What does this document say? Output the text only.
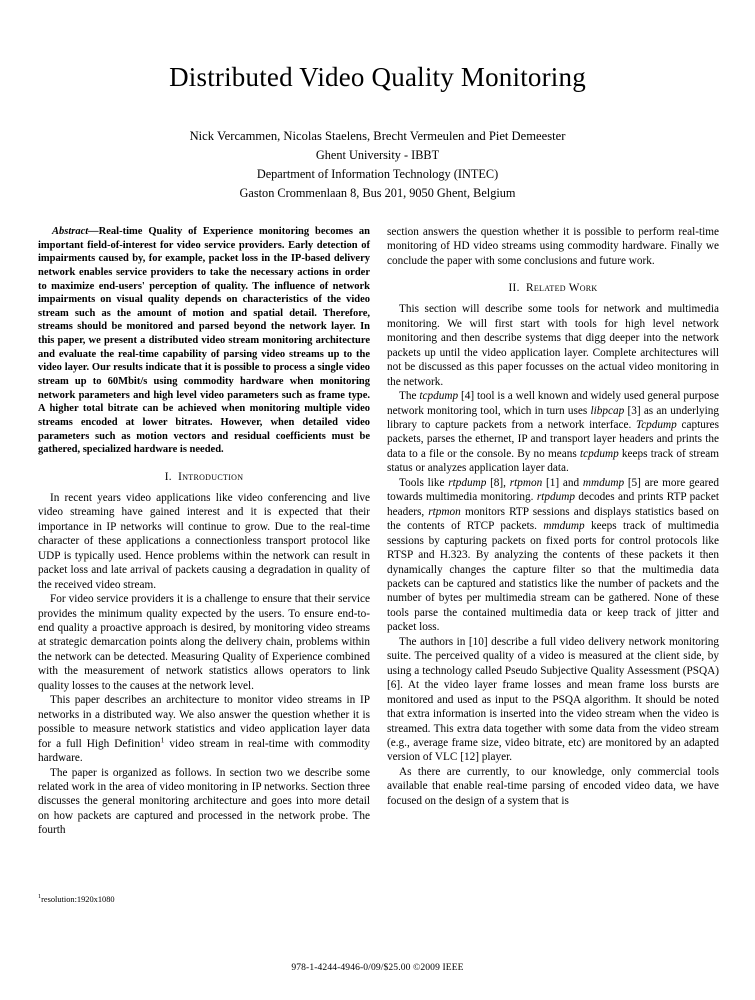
Distributed Video Quality Monitoring
Nick Vercammen, Nicolas Staelens, Brecht Vermeulen and Piet Demeester
Ghent University - IBBT
Department of Information Technology (INTEC)
Gaston Crommenlaan 8, Bus 201, 9050 Ghent, Belgium

Abstract—Real-time Quality of Experience monitoring becomes an important field-of-interest for video service providers. Early detection of impairments caused by, for example, packet loss in the IP-based delivery network enables service providers to take the necessary actions in order to maximize end-users' perception of quality. The influence of network impairments on visual quality depends on characteristics of the video stream such as the amount of motion and spatial detail. Therefore, streams should be monitored and parsed beyond the network layer. In this paper, we present a distributed video stream monitoring architecture and evaluate the real-time capability of parsing video streams up to the video layer. Our results indicate that it is possible to process a single video stream up to 60Mbit/s using commodity hardware when monitoring network parameters and high level video parameters such as frame type. A higher total bitrate can be achieved when monitoring multiple video streams encoded at lower bitrates. However, when detailed video parameters such as motion vectors and residual coefficients must be gathered, specialized hardware is needed.

I. Introduction

In recent years video applications like video conferencing and live video streaming have gained interest and it is expected that their importance in IP networks will continue to grow. Due to the real-time character of these applications a connectionless transport protocol like UDP is typically used. Hence problems within the network can result in packet loss and late arrival of packets causing a degradation in quality of the received video stream.

For video service providers it is a challenge to ensure that their service provides the minimum quality expected by the users. To ensure end-to-end quality a proactive approach is desired, by monitoring video streams at strategic demarcation points along the delivery chain, problems within the network can be detected. Measuring Quality of Experience combined with the measurement of network statistics allows operators to link quality losses to the causes at the network level.

This paper describes an architecture to monitor video streams in IP networks in a distributed way. We also answer the question whether it is possible to measure network statistics and video application layer data for a full High Definition$^1$ video stream in real-time with commodity hardware.

The paper is organized as follows. In section two we describe some related work in the area of video monitoring in IP networks. Section three discusses the general monitoring architecture and goes into more detail on how packets are captured and processed in the network probe. The fourth

section answers the question whether it is possible to perform real-time monitoring of HD video streams using commodity hardware. Finally we conclude the paper with some conclusions and future work.

II. Related Work

This section will describe some tools for network and multimedia monitoring. We will first start with tools for high level network monitoring and then describe systems that digg deeper into the network packets up until the video application layer. Complete architectures will not be discussed as this paper focusses on the actual video monitoring in the network.

The tcpdump [4] tool is a well known and widely used general purpose network monitoring tool, which in turn uses libpcap [3] as an underlying library to capture packets from a network interface. Tcpdump captures packets, parses the ethernet, IP and transport layer headers and prints the data to a file or the console. By no means tcpdump keeps track of stream status or analyzes application layer data.

Tools like rtpdump [8], rtpmon [1] and mmdump [5] are more geared towards multimedia monitoring. rtpdump decodes and prints RTP packet headers, rtpmon monitors RTP sessions and displays statistics based on the contents of RTCP packets. mmdump keeps track of multimedia sessions by capturing packets on fixed ports for control protocols like RTSP and H.323. By analyzing the contents of these packets it then dynamically changes the capture filter so that the multimedia data packets can be captured and statistics like the number of packets and the number of bytes per multimedia stream can be gathered. None of these tools parse the contained multimedia data or keep track of jitter and packet loss.

The authors in [10] describe a full video delivery network monitoring suite. The perceived quality of a video is measured at the client side, by using a technology called Pseudo Subjective Quality Assessment (PSQA) [6]. At the video layer frame losses and mean frame loss bursts are monitored and used as input to the PSQA algorithm. It should be noted that extra information is inserted into the video stream when the video is streamed. This extra data together with some data from the video stream (e.g., average frame size, video bitrate, etc) are monitored by an adapted version of VLC [12] player.

As there are currently, to our knowledge, only commercial tools available that enable real-time parsing of encoded video data, we have focused on the design of a system that is

$^1$resolution:1920x1080
978-1-4244-4946-0/09/$25.00 ©2009 IEEE
